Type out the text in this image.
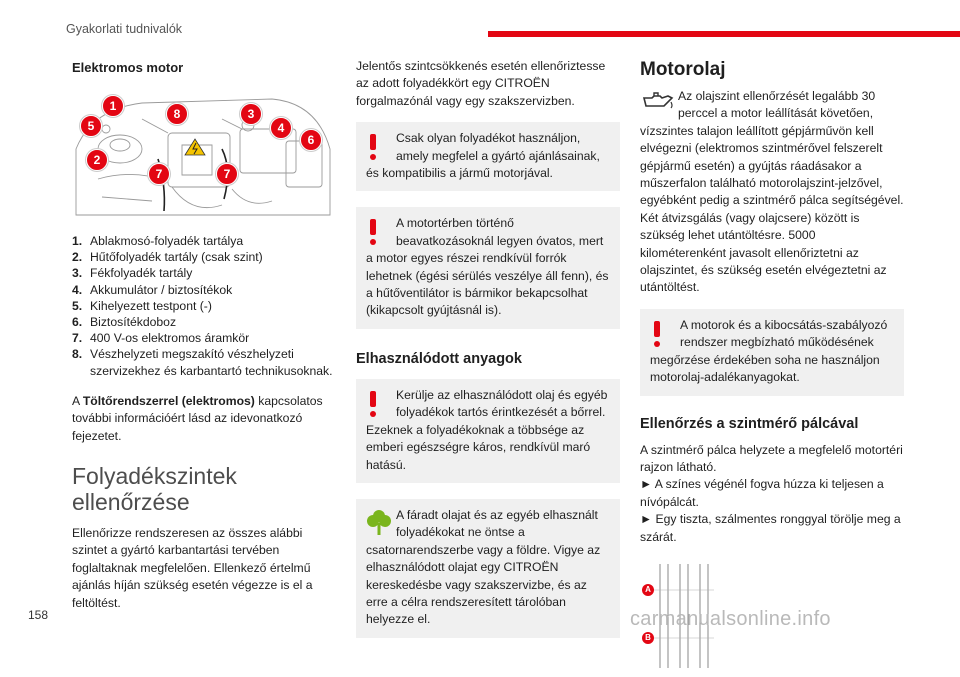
Gyakorlati tudnivalók
Elektromos motor
1
5
8	3
4
6
2
7	7
1. Ablakmosó-folyadék tartálya
2. Hűtőfolyadék tartály (csak szint)
3. Fékfolyadék tartály
4. Akkumulátor / biztosítékok
5. Kihelyezett testpont (-)
6. Biztosítékdoboz
7. 400 V-os elektromos áramkör
8. Vészhelyzeti megszakító vészhelyzeti szervizekhez és karbantartó technikusoknak.

A Töltőrendszerrel (elektromos) kapcsolatos további információért lásd az idevonatkozó fejezetet.

Folyadékszintek ellenőrzése

Ellenőrizze rendszeresen az összes alábbi szintet a gyártó karbantartási tervében foglaltaknak megfelelően. Ellenkező értelmű ajánlás híján szükség esetén végezze is el a feltöltést.

Jelentős szintcsökkenés esetén ellenőriztesse az adott folyadékkört egy CITROËN forgalmazónál vagy egy szakszervizben.

Csak olyan folyadékot használjon, amely megfelel a gyártó ajánlásainak, és kompatibilis a jármű motorjával.
A motortérben történő beavatkozásoknál legyen óvatos, mert a motor egyes részei rendkívül forrók lehetnek (égési sérülés veszélye áll fenn), és a hűtőventilátor is bármikor bekapcsolhat (kikapcsolt gyújtásnál is).
Elhasználódott anyagok
Kerülje az elhasználódott olaj és egyéb folyadékok tartós érintkezését a bőrrel. Ezeknek a folyadékoknak a többsége az emberi egészségre káros, rendkívül maró hatású.
A fáradt olajat és az egyéb elhasznált folyadékokat ne öntse a csatornarendszerbe vagy a földre. Vigye az elhasználódott olajat egy CITROËN kereskedésbe vagy szakszervizbe, és az erre a célra rendszeresített tárolóban helyezze el.
Motorolaj

Az olajszint ellenőrzését legalább 30 perccel a motor leállítását követően, vízszintes talajon leállított gépjárművön kell elvégezni (elektromos szintmérővel felszerelt gépjármű esetén) a gyújtás ráadásakor a műszerfalon található motorolajszint-jelzővel, egyébként pedig a szintmérő pálca segítségével. Két átvizsgálás (vagy olajcsere) között is szükség lehet utántöltésre. 5000 kilométerenként javasolt ellenőriztetni az olajszintet, és szükség esetén elvégeztetni az utántöltést.

A motorok és a kibocsátás-szabályozó rendszer megbízható működésének megőrzése érdekében soha ne használjon motorolaj-adalékanyagokat.
Ellenőrzés a szintmérő pálcával

A szintmérő pálca helyzete a megfelelő motortéri rajzon látható.

► A színes végénél fogva húzza ki teljesen a nívópálcát.

► Egy tiszta, szálmentes ronggyal törölje meg a szárát.

A
B
158	carmanualsonline.info
